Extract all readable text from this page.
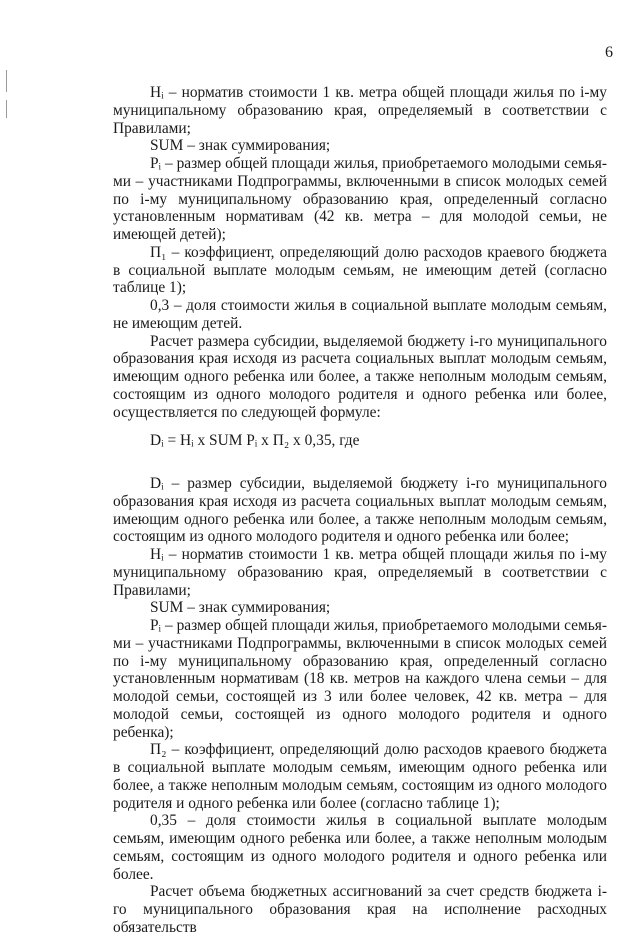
6

Hᵢ – норматив стоимости 1 кв. метра общей площади жилья по i-му муниципальному образованию края, определяемый в соответствии с Правилами;

SUM – знак суммирования;

Pᵢ – размер общей площади жилья, приобретаемого молодыми семьями – участниками Подпрограммы, включенными в список молодых семей по i-му муниципальному образованию края, определенный согласно установленным нормативам (42 кв. метра – для молодой семьи, не имеющей детей);

П₁ – коэффициент, определяющий долю расходов краевого бюджета в социальной выплате молодым семьям, не имеющим детей (согласно таблице 1);

0,3 – доля стоимости жилья в социальной выплате молодым семьям, не имеющим детей.

Расчет размера субсидии, выделяемой бюджету i-го муниципального образования края исходя из расчета социальных выплат молодым семьям, имеющим одного ребенка или более, а также неполным молодым семьям, состоящим из одного молодого родителя и одного ребенка или более, осуществляется по следующей формуле:

Dᵢ = Hᵢ x SUM Pᵢ x П₂ x 0,35, где

Dᵢ – размер субсидии, выделяемой бюджету i-го муниципального образования края исходя из расчета социальных выплат молодым семьям, имеющим одного ребенка или более, а также неполным молодым семьям, состоящим из одного молодого родителя и одного ребенка или более;

Hᵢ – норматив стоимости 1 кв. метра общей площади жилья по i-му муниципальному образованию края, определяемый в соответствии с Правилами;

SUM – знак суммирования;

Pᵢ – размер общей площади жилья, приобретаемого молодыми семьями – участниками Подпрограммы, включенными в список молодых семей по i-му муниципальному образованию края, определенный согласно установленным нормативам (18 кв. метров на каждого члена семьи – для молодой семьи, состоящей из 3 или более человек, 42 кв. метра – для молодой семьи, состоящей из одного молодого родителя и одного ребенка);

П₂ – коэффициент, определяющий долю расходов краевого бюджета в социальной выплате молодым семьям, имеющим одного ребенка или более, а также неполным молодым семьям, состоящим из одного молодого родителя и одного ребенка или более (согласно таблице 1);

0,35 – доля стоимости жилья в социальной выплате молодым семьям, имеющим одного ребенка или более, а также неполным молодым семьям, состоящим из одного молодого родителя и одного ребенка или более.

Расчет объема бюджетных ассигнований за счет средств бюджета i-го муниципального образования края на исполнение расходных обязательств
